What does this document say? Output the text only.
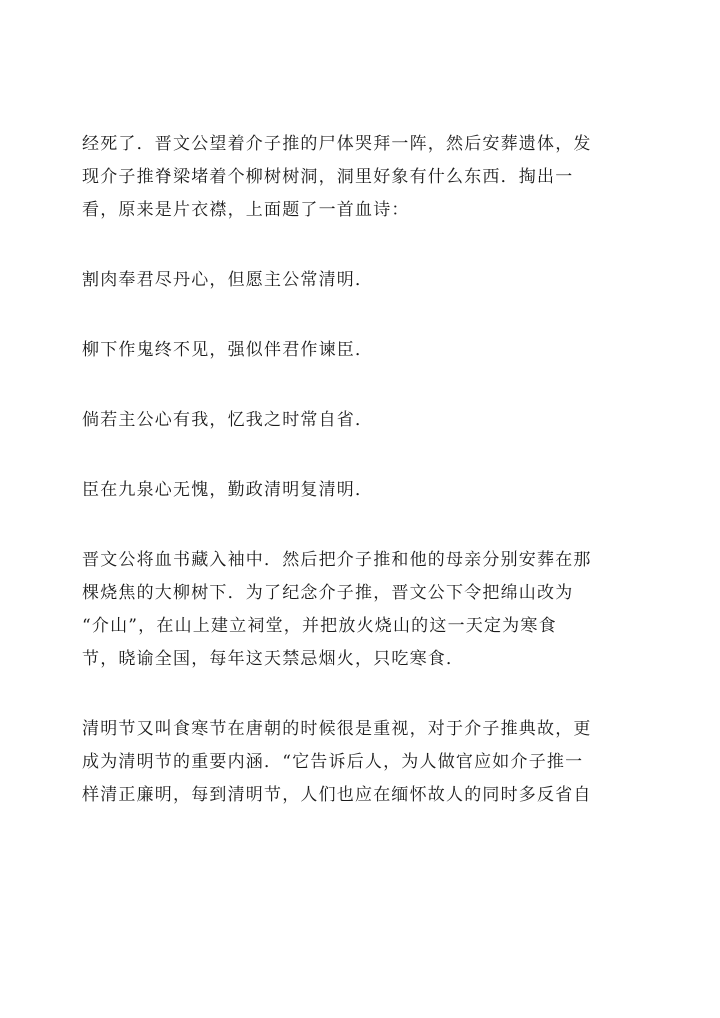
经死了．晋文公望着介子推的尸体哭拜一阵，然后安葬遗体，发
现介子推脊梁堵着个柳树树洞，洞里好象有什么东西．掏出一
看，原来是片衣襟，上面题了一首血诗：

割肉奉君尽丹心，但愿主公常清明．

柳下作鬼终不见，强似伴君作谏臣．

倘若主公心有我，忆我之时常自省．

臣在九泉心无愧，勤政清明复清明．

晋文公将血书藏入袖中．然后把介子推和他的母亲分别安葬在那
棵烧焦的大柳树下．为了纪念介子推，晋文公下令把绵山改为
“介山”，在山上建立祠堂，并把放火烧山的这一天定为寒食
节，晓谕全国，每年这天禁忌烟火，只吃寒食．

清明节又叫食寒节在唐朝的时候很是重视，对于介子推典故，更
成为清明节的重要内涵．“它告诉后人，为人做官应如介子推一
样清正廉明，每到清明节，人们也应在缅怀故人的同时多反省自
